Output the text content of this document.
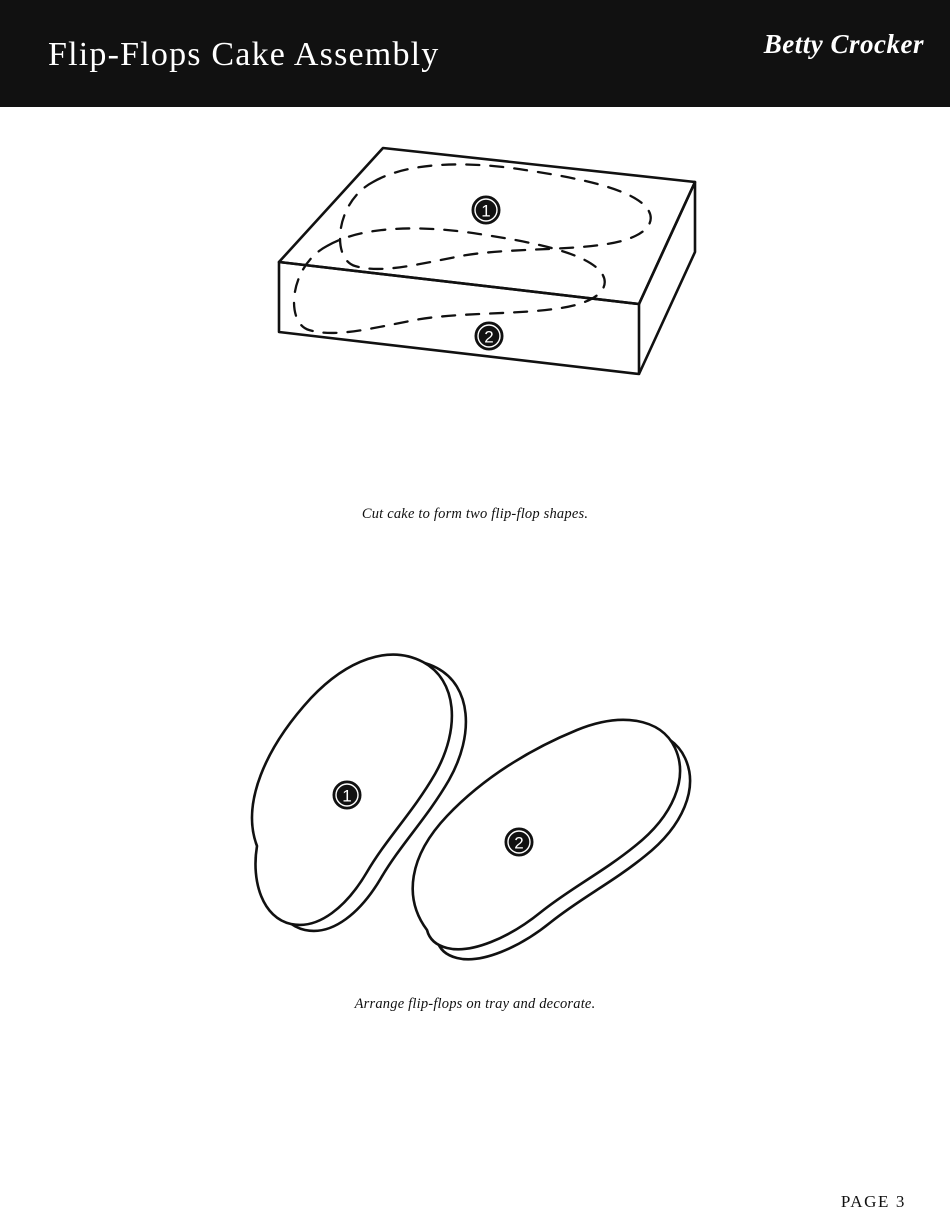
Flip-Flops Cake Assembly	Betty Crocker
1
2
Cut cake to form two flip-flop shapes.
1
2
Arrange flip-flops on tray and decorate.
PAGE 3
